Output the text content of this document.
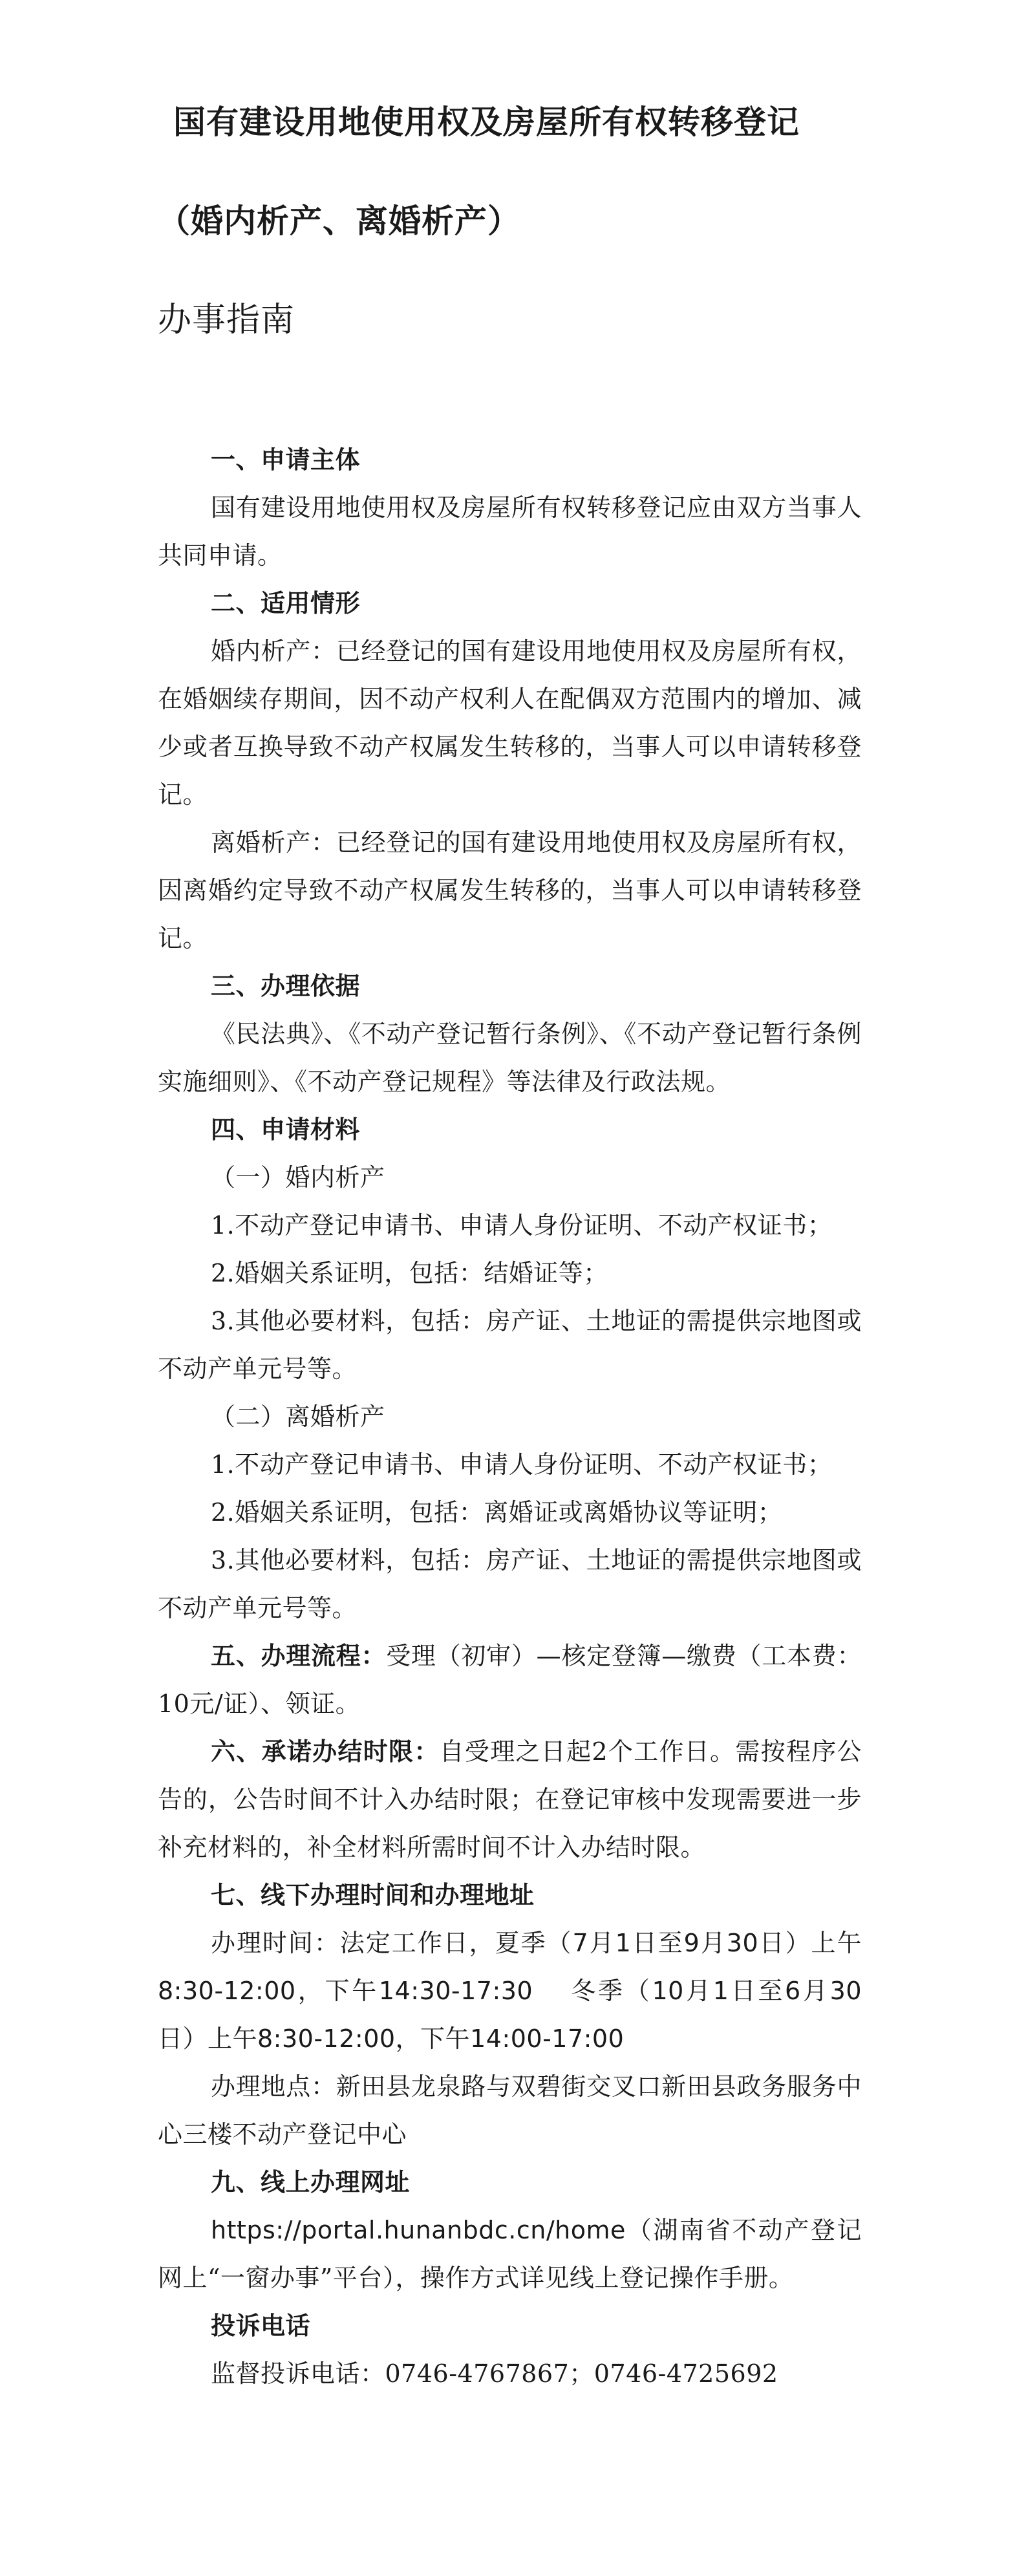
国有建设用地使用权及房屋所有权转移登记
（婚内析产、离婚析产）
办事指南

一、申请主体

国有建设用地使用权及房屋所有权转移登记应由双方当事人共同申请。

二、适用情形

婚内析产：已经登记的国有建设用地使用权及房屋所有权，在婚姻续存期间，因不动产权利人在配偶双方范围内的增加、减少或者互换导致不动产权属发生转移的，当事人可以申请转移登记。

离婚析产：已经登记的国有建设用地使用权及房屋所有权，因离婚约定导致不动产权属发生转移的，当事人可以申请转移登记。

三、办理依据

《民法典》、《不动产登记暂行条例》、《不动产登记暂行条例实施细则》、《不动产登记规程》等法律及行政法规。

四、申请材料

（一）婚内析产

1.不动产登记申请书、申请人身份证明、不动产权证书；

2.婚姻关系证明，包括：结婚证等；

3.其他必要材料，包括：房产证、土地证的需提供宗地图或不动产单元号等。

（二）离婚析产

1.不动产登记申请书、申请人身份证明、不动产权证书；

2.婚姻关系证明，包括：离婚证或离婚协议等证明；

3.其他必要材料，包括：房产证、土地证的需提供宗地图或不动产单元号等。

五、办理流程：受理（初审）—核定登簿—缴费（工本费：10元/证）、领证。

六、承诺办结时限：自受理之日起2个工作日。需按程序公告的，公告时间不计入办结时限；在登记审核中发现需要进一步补充材料的，补全材料所需时间不计入办结时限。

七、线下办理时间和办理地址

办理时间：法定工作日，夏季（7月1日至9月30日）上午8:30-12:00，下午14:30-17:30 冬季（10月1日至6月30日）上午8:30-12:00，下午14:00-17:00

办理地点：新田县龙泉路与双碧街交叉口新田县政务服务中心三楼不动产登记中心

九、线上办理网址

https://portal.hunanbdc.cn/home（湖南省不动产登记网上“一窗办事”平台），操作方式详见线上登记操作手册。

投诉电话

监督投诉电话：0746-4767867；0746-4725692
